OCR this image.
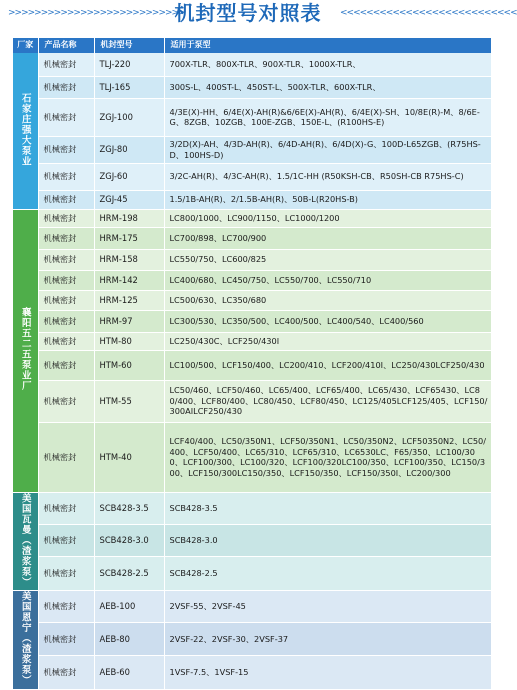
>>>>>>>>>>>>>>>>>>>>>>>>>>>
机封型号对照表	<<<<<<<<<<<<<<<<<<<<<<<<<<<
厂家	产品名称	机封型号	适用于泵型
石家庄强大泵业	机械密封	TLJ-220	700X-TLR、800X-TLR、900X-TLR、1000X-TLR、
	机械密封	TLJ-165	300S-L、400ST-L、450ST-L、500X-TLR、600X-TLR、
	机械密封	ZGJ-100	4/3E(X)-HH、6/4E(X)-AH(R)&6/6E(X)-AH(R)、6/4E(X)-SH、10/8E(R)-M、8/6E-G、8ZGB、10ZGB、100E-ZGB、150E-L、(R100HS-E)
	机械密封	ZGJ-80	3/2D(X)-AH、4/3D-AH(R)、6/4D-AH(R)、6/4D(X)-G、100D-L65ZGB、(R75HS-D、100HS-D)
	机械密封	ZGJ-60	3/2C-AH(R)、4/3C-AH(R)、1.5/1C-HH (R50KSH-CB、R50SH-CB R75HS-C)
	机械密封	ZGJ-45	1.5/1B-AH(R)、2/1.5B-AH(R)、50B-L(R20HS-B)
襄阳五二五泵业厂	机械密封	HRM-198	LC800/1000、LC900/1150、LC1000/1200
	机械密封	HRM-175	LC700/898、LC700/900
	机械密封	HRM-158	LC550/750、LC600/825
	机械密封	HRM-142	LC400/680、LC450/750、LC550/700、LC550/710
	机械密封	HRM-125	LC500/630、LC350/680
	机械密封	HRM-97	LC300/530、LC350/500、LC400/500、LC400/540、LC400/560
	机械密封	HTM-80	LC250/430C、LCF250/430I
	机械密封	HTM-60	LC100/500、LCF150/400、LC200/410、LCF200/410I、LC250/430LCF250/430
	机械密封	HTM-55	LC50/460、LCF50/460、LC65/400、LCF65/400、LC65/430、LCF65430、LC80/400、LCF80/400、LC80/450、LCF80/450、LC125/405LCF125/405、LCF150/300AILCF250/430
	机械密封	HTM-40	LCF40/400、LC50/350N1、LCF50/350N1、LC50/350N2、LCF50350N2、LC50/400、LCF50/400、LC65/310、LCF65/310、LC6530LC、F65/350、LC100/300、LCF100/300、LC100/320、LCF100/320LC100/350、LCF100/350、LC150/300、LCF150/300LC150/350、LCF150/350、LCF150/350I、LC200/300
美国瓦曼（渣浆泵）	机械密封	SCB428-3.5	SCB428-3.5
	机械密封	SCB428-3.0	SCB428-3.0
	机械密封	SCB428-2.5	SCB428-2.5
美国恩宁（渣浆泵）	机械密封	AEB-100	2VSF-55、2VSF-45
	机械密封	AEB-80	2VSF-22、2VSF-30、2VSF-37
	机械密封	AEB-60	1VSF-7.5、1VSF-15
